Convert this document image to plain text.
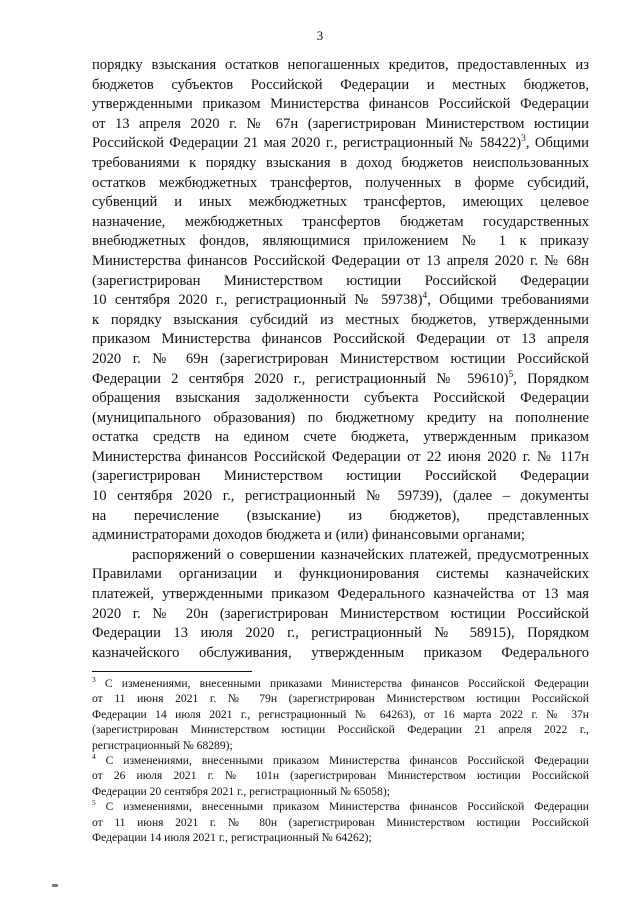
3
порядку взыскания остатков непогашенных кредитов, предоставленных из
бюджетов субъектов Российской Федерации и местных бюджетов,
утвержденными приказом Министерства финансов Российской Федерации
от 13 апреля 2020 г. № 67н (зарегистрирован Министерством юстиции
Российской Федерации 21 мая 2020 г., регистрационный № 58422)$^3$, Общими
требованиями к порядку взыскания в доход бюджетов неиспользованных
остатков межбюджетных трансфертов, полученных в форме субсидий,
субвенций и иных межбюджетных трансфертов, имеющих целевое
назначение, межбюджетных трансфертов бюджетам государственных
внебюджетных фондов, являющимися приложением № 1 к приказу
Министерства финансов Российской Федерации от 13 апреля 2020 г. № 68н
(зарегистрирован Министерством юстиции Российской Федерации
10 сентября 2020 г., регистрационный № 59738)$^4$, Общими требованиями
к порядку взыскания субсидий из местных бюджетов, утвержденными
приказом Министерства финансов Российской Федерации от 13 апреля
2020 г. № 69н (зарегистрирован Министерством юстиции Российской
Федерации 2 сентября 2020 г., регистрационный № 59610)$^5$, Порядком
обращения взыскания задолженности субъекта Российской Федерации
(муниципального образования) по бюджетному кредиту на пополнение
остатка средств на едином счете бюджета, утвержденным приказом
Министерства финансов Российской Федерации от 22 июня 2020 г. № 117н
(зарегистрирован Министерством юстиции Российской Федерации
10 сентября 2020 г., регистрационный № 59739), (далее – документы
на перечисление (взыскание) из бюджетов), представленных
администраторами доходов бюджета и (или) финансовыми органами;
распоряжений о совершении казначейских платежей, предусмотренных
Правилами организации и функционирования системы казначейских
платежей, утвержденными приказом Федерального казначейства от 13 мая
2020 г. № 20н (зарегистрирован Министерством юстиции Российской
Федерации 13 июля 2020 г., регистрационный № 58915), Порядком
казначейского обслуживания, утвержденным приказом Федерального
$^3$ С изменениями, внесенными приказами Министерства финансов Российской Федерации
от 11 июня 2021 г. № 79н (зарегистрирован Министерством юстиции Российской
Федерации 14 июля 2021 г., регистрационный № 64263), от 16 марта 2022 г. № 37н
(зарегистрирован Министерством юстиции Российской Федерации 21 апреля 2022 г.,
регистрационный № 68289);
$^4$ С изменениями, внесенными приказом Министерства финансов Российской Федерации
от 26 июля 2021 г. № 101н (зарегистрирован Министерством юстиции Российской
Федерации 20 сентября 2021 г., регистрационный № 65058);
$^5$ С изменениями, внесенными приказом Министерства финансов Российской Федерации
от 11 июня 2021 г. № 80н (зарегистрирован Министерством юстиции Российской
Федерации 14 июля 2021 г., регистрационный № 64262);
